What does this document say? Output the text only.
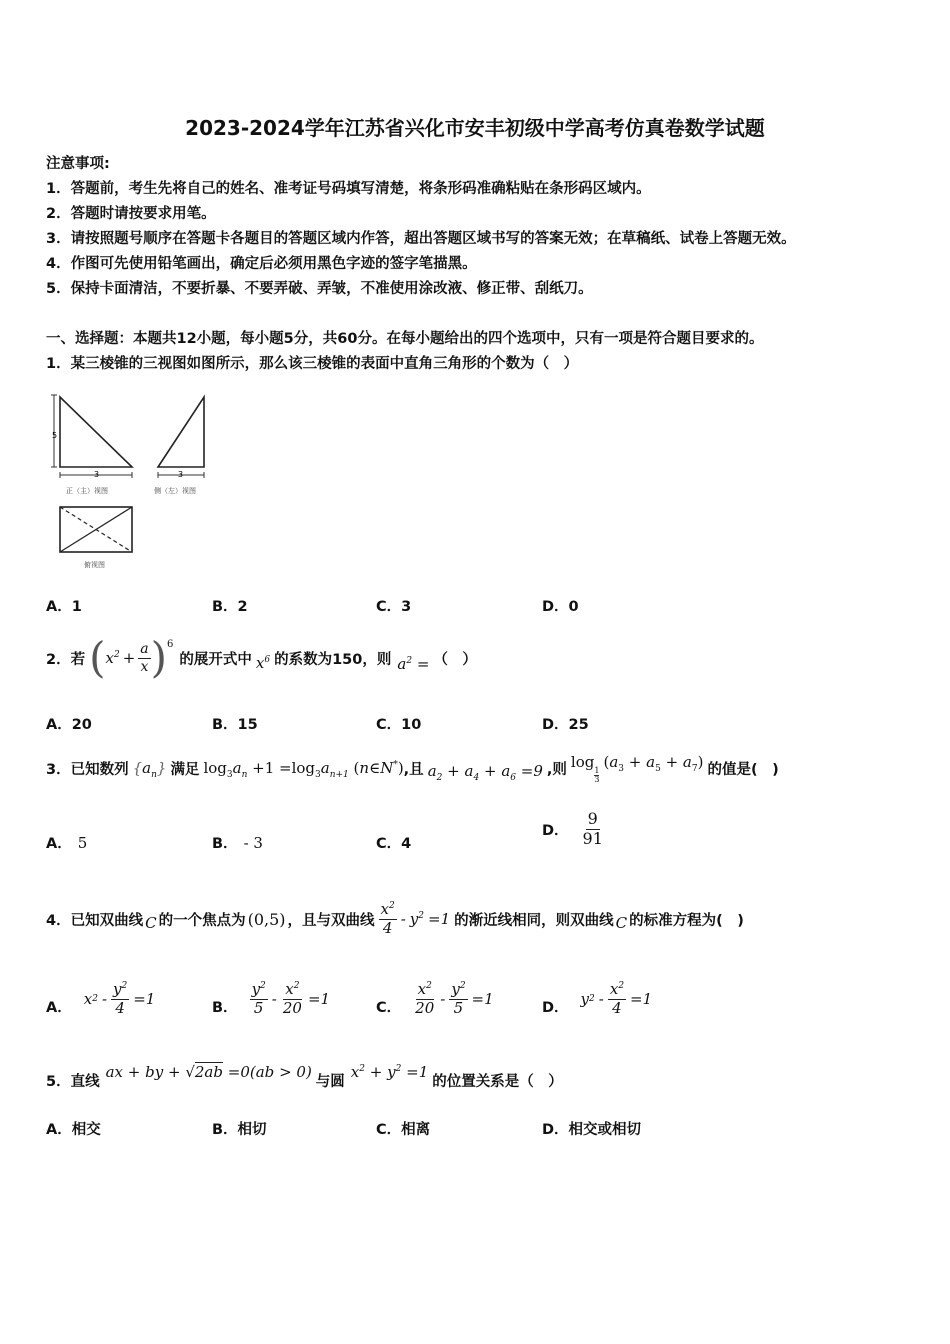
2023-2024学年江苏省兴化市安丰初级中学高考仿真卷数学试题
注意事项:
1．答题前，考生先将自己的姓名、准考证号码填写清楚，将条形码准确粘贴在条形码区域内。
2．答题时请按要求用笔。
3．请按照题号顺序在答题卡各题目的答题区域内作答，超出答题区域书写的答案无效；在草稿纸、试卷上答题无效。
4．作图可先使用铅笔画出，确定后必须用黑色字迹的签字笔描黑。
5．保持卡面清洁，不要折暴、不要弄破、弄皱，不准使用涂改液、修正带、刮纸刀。
一、选择题：本题共12小题，每小题5分，共60分。在每小题给出的四个选项中，只有一项是符合题目要求的。
1．某三棱锥的三视图如图所示，那么该三棱锥的表面中直角三角形的个数为（　）
5
3
正（主）视图
3
侧（左）视图
俯视图
A．1	B．2	C．3	D．0
2．若 ( $x^2 + \frac{a}{x}$ ) 6
的展开式中 $x^6$ 的系数为150，则 $a^2$ = （　）
A．20	B．15	C．10	D．25
3．已知数列 $\{a_n\}$ 满足 $\log_3a_n +1 =\log_3a_{n+1}$ (n∈N*) ,且 $a_2 + a_4 + a_6 =9$ ,则 log 1
3
$(a_3 + a_5 + a_7)$ 的值是(　)
A． 5	B． - 3	C．4
D． $\frac{9}{91}$
4．已知双曲线 C 的一个焦点为 (0,5) ，且与双曲线 $\frac{x^2}{4} - y^2 =1$ 的渐近线相同，则双曲线 C 的标准方程为(　)
A． x $2 - \frac{y^2}{4} =1$	B． $\frac{y^2}{5} - \frac{x^2}{20} =1$	C． $\frac{x^2}{20} - \frac{y^2}{5} =1$	D． y $2 - \frac{x^2}{4} =1$
5．直线
ax + by + √2ab =0(ab > 0)
与圆
$x^2 + y^2 =1$
的位置关系是（　）
A．相交	B．相切	C．相离	D．相交或相切
